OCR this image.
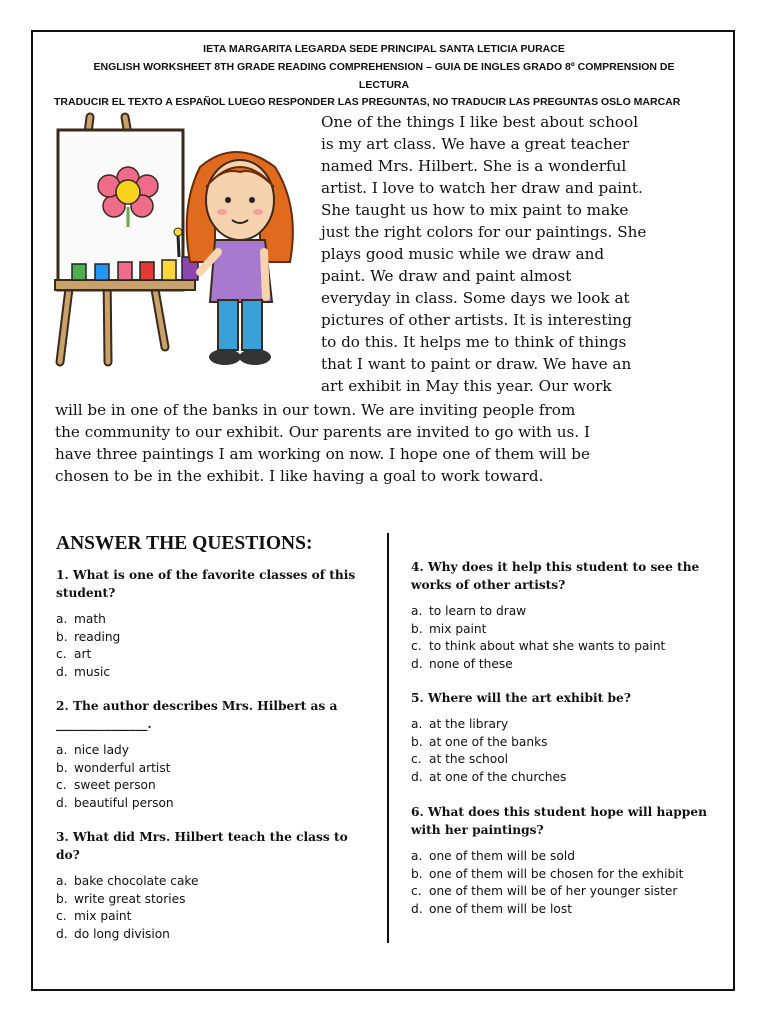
IETA MARGARITA LEGARDA SEDE PRINCIPAL SANTA LETICIA PURACE
ENGLISH WORKSHEET 8TH GRADE READING COMPREHENSION – GUIA DE INGLES GRADO 8º COMPRENSION DE
LECTURA
TRADUCIR EL TEXTO A ESPAÑOL LUEGO RESPONDER LAS PREGUNTAS, NO TRADUCIR LAS PREGUNTAS OSLO MARCAR
One of the things I like best about school
is my art class. We have a great teacher
named Mrs. Hilbert. She is a wonderful
artist. I love to watch her draw and paint.
She taught us how to mix paint to make
just the right colors for our paintings. She
plays good music while we draw and
paint. We draw and paint almost
everyday in class. Some days we look at
pictures of other artists. It is interesting
to do this. It helps me to think of things
that I want to paint or draw. We have an
art exhibit in May this year. Our work
will be in one of the banks in our town. We are inviting people from
the community to our exhibit. Our parents are invited to go with us. I
have three paintings I am working on now. I hope one of them will be
chosen to be in the exhibit. I like having a goal to work toward.
ANSWER THE QUESTIONS:
1. What is one of the favorite classes of this student?
a. math
b. reading
c. art
d. music
2. The author describes Mrs. Hilbert as a _______________.
a. nice lady
b. wonderful artist
c. sweet person
d. beautiful person
3. What did Mrs. Hilbert teach the class to do?
a. bake chocolate cake
b. write great stories
c. mix paint
d. do long division
4. Why does it help this student to see the works of other artists?
a. to learn to draw
b. mix paint
c. to think about what she wants to paint
d. none of these
5. Where will the art exhibit be?
a. at the library
b. at one of the banks
c. at the school
d. at one of the churches
6. What does this student hope will happen with her paintings?
a. one of them will be sold
b. one of them will be chosen for the exhibit
c. one of them will be of her younger sister
d. one of them will be lost
